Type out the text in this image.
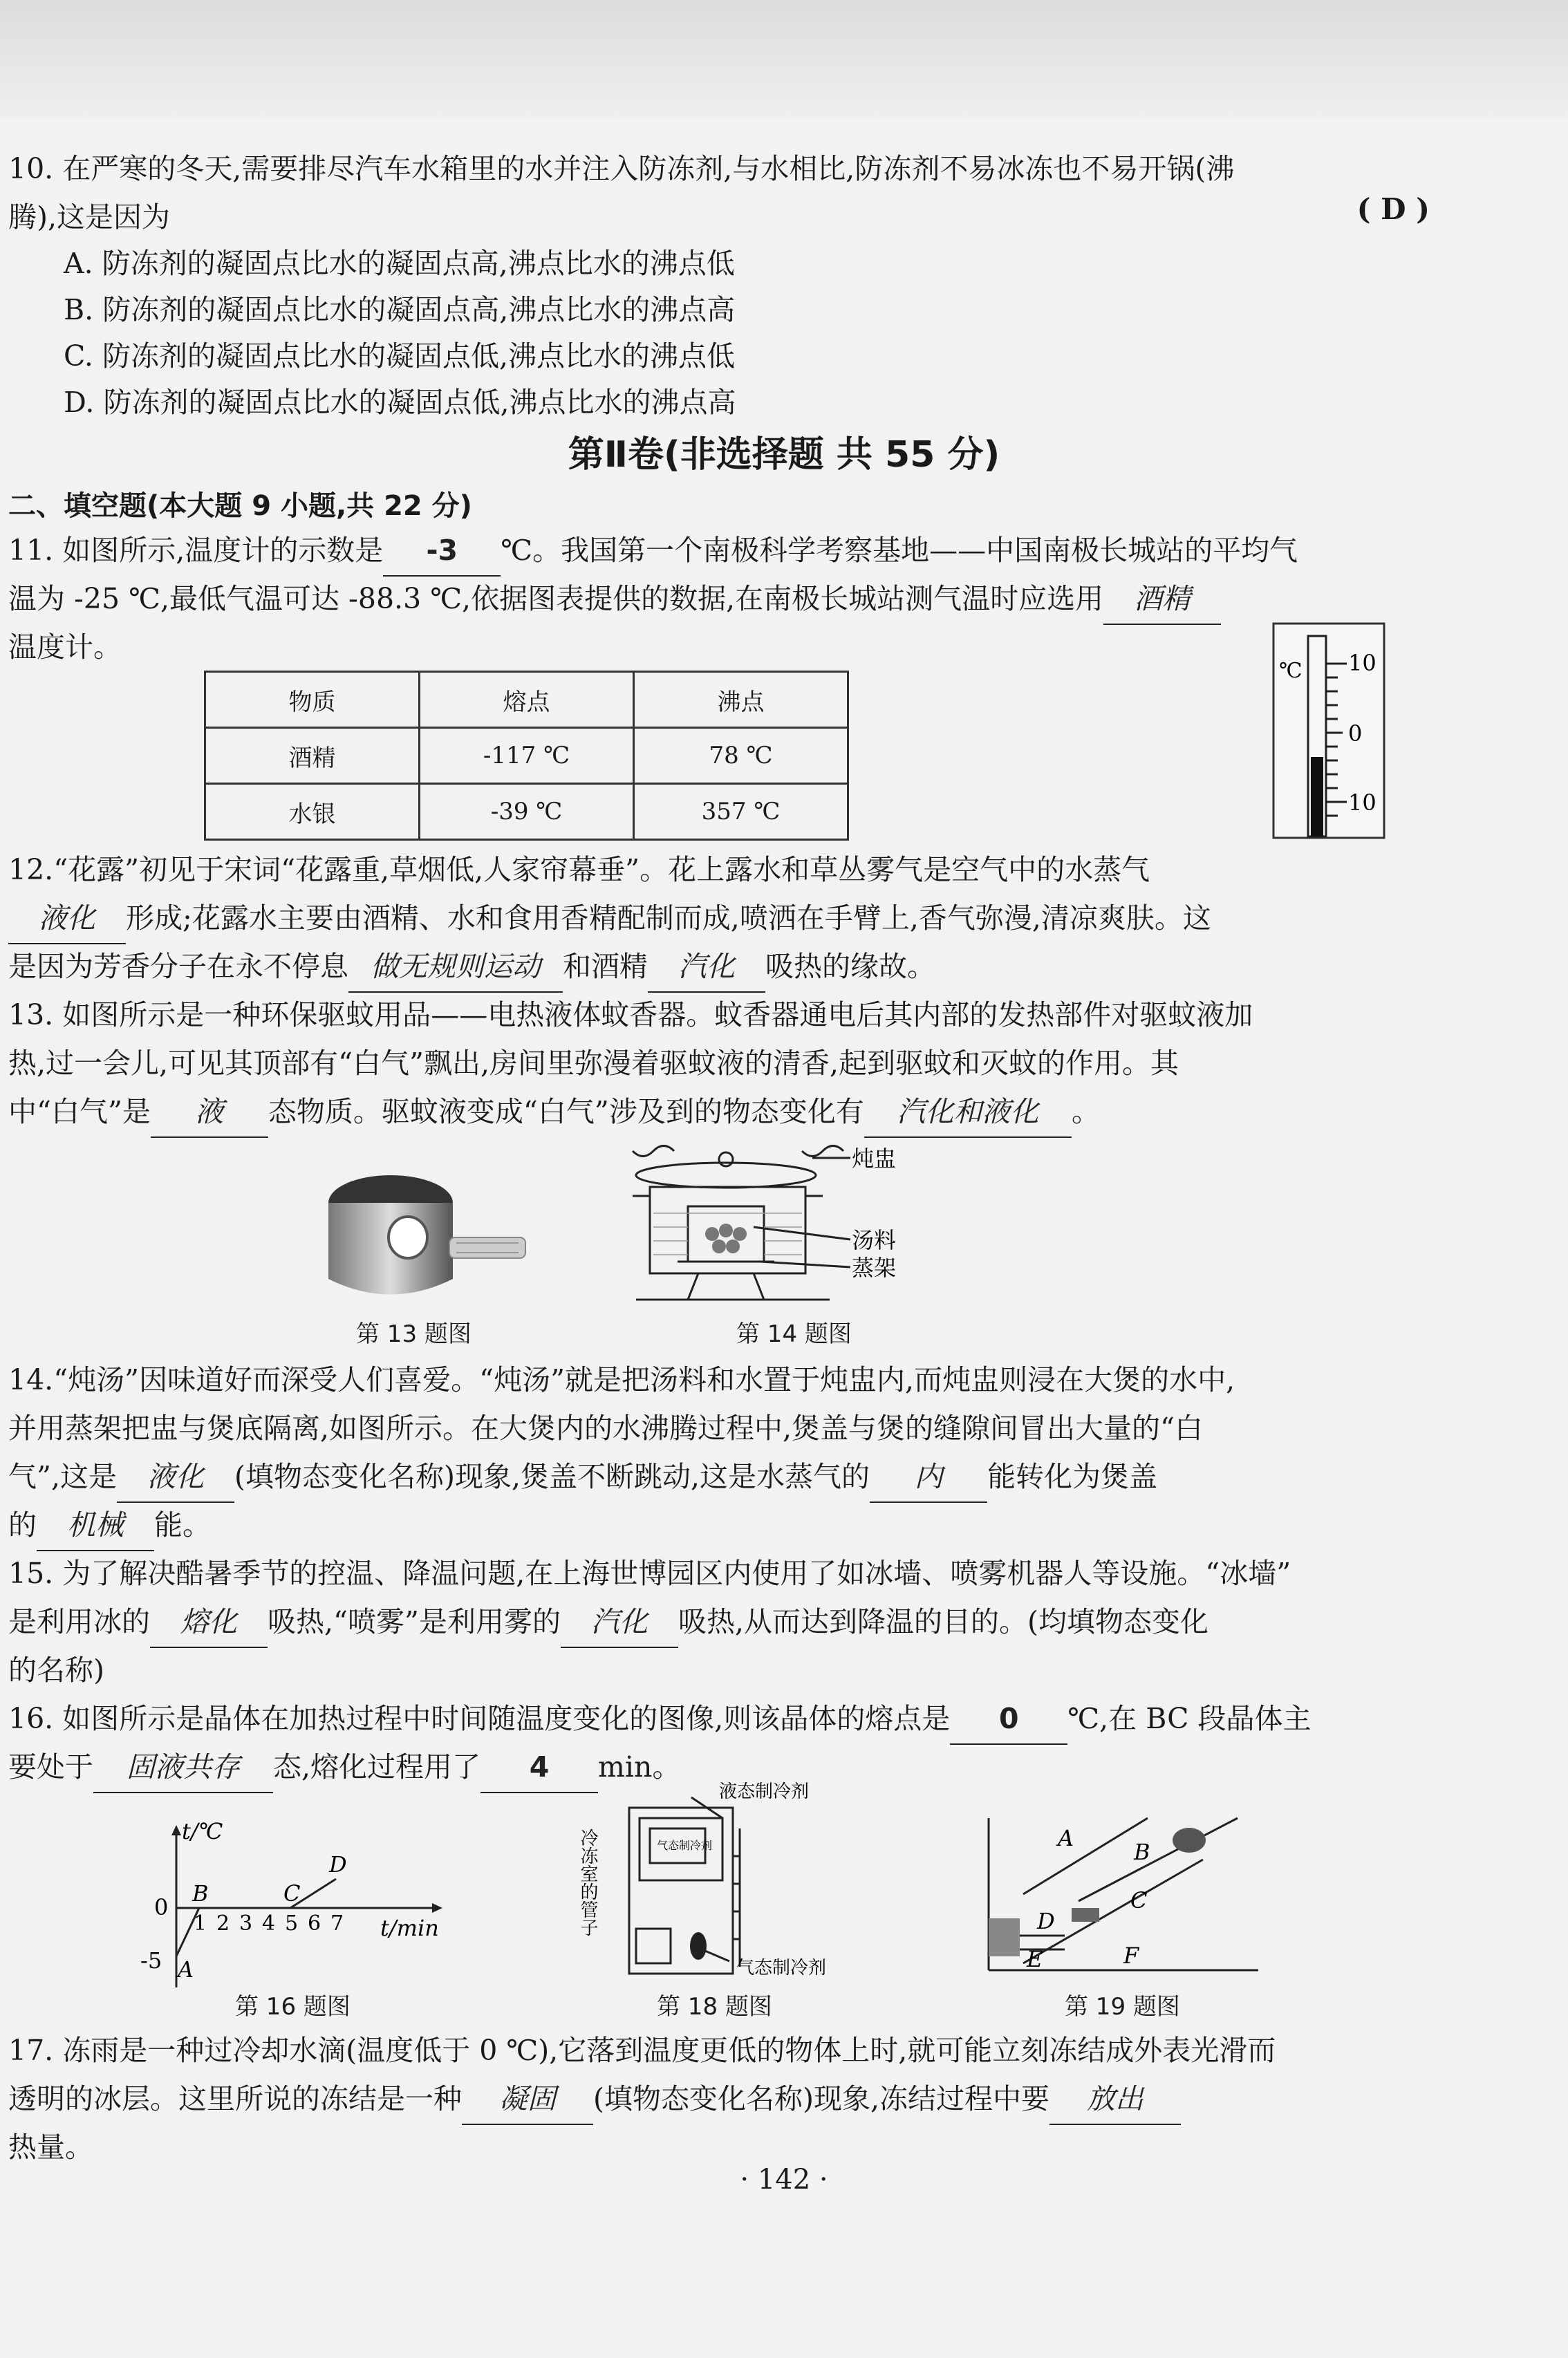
10. 在严寒的冬天,需要排尽汽车水箱里的水并注入防冻剂,与水相比,防冻剂不易冰冻也不易开锅(沸
腾),这是因为	( D )
A. 防冻剂的凝固点比水的凝固点高,沸点比水的沸点低
B. 防冻剂的凝固点比水的凝固点高,沸点比水的沸点高
C. 防冻剂的凝固点比水的凝固点低,沸点比水的沸点低
D. 防冻剂的凝固点比水的凝固点低,沸点比水的沸点高
第Ⅱ卷(非选择题 共 55 分)
二、填空题(本大题 9 小题,共 22 分)
11. 如图所示,温度计的示数是 -3 ℃。我国第一个南极科学考察基地——中国南极长城站的平均气
温为 -25 ℃,最低气温可达 -88.3 ℃,依据图表提供的数据,在南极长城站测气温时应选用 酒精
温度计。
物质	熔点	沸点
酒精	-117 ℃	78 ℃
水银	-39 ℃	357 ℃
℃ 10
0
10
12.“花露”初见于宋词“花露重,草烟低,人家帘幕垂”。花上露水和草丛雾气是空气中的水蒸气
液化 形成;花露水主要由酒精、水和食用香精配制而成,喷洒在手臂上,香气弥漫,清凉爽肤。这
是因为芳香分子在永不停息 做无规则运动 和酒精 汽化 吸热的缘故。
13. 如图所示是一种环保驱蚊用品——电热液体蚊香器。蚊香器通电后其内部的发热部件对驱蚊液加
热,过一会儿,可见其顶部有“白气”飘出,房间里弥漫着驱蚊液的清香,起到驱蚊和灭蚊的作用。其
中“白气”是 液 态物质。驱蚊液变成“白气”涉及到的物态变化有 汽化和液化 。
第 13 题图
炖盅
汤料
蒸架
第 14 题图
14.“炖汤”因味道好而深受人们喜爱。“炖汤”就是把汤料和水置于炖盅内,而炖盅则浸在大煲的水中,
并用蒸架把盅与煲底隔离,如图所示。在大煲内的水沸腾过程中,煲盖与煲的缝隙间冒出大量的“白
气”,这是 液化 (填物态变化名称)现象,煲盖不断跳动,这是水蒸气的 内 能转化为煲盖
的 机械 能。
15. 为了解决酷暑季节的控温、降温问题,在上海世博园区内使用了如冰墙、喷雾机器人等设施。“冰墙”
是利用冰的 熔化 吸热,“喷雾”是利用雾的 汽化 吸热,从而达到降温的目的。(均填物态变化
的名称)
16. 如图所示是晶体在加热过程中时间随温度变化的图像,则该晶体的熔点是 0 ℃,在 BC 段晶体主
要处于 固液共存 态,熔化过程用了 4 min。
t/℃
t/min
0
-5
1 2 3 4 5 6 7
A
B	C
D
第 16 题图
液态制冷剂
冷冻室的管子	气态制冷剂
气态制冷剂
第 18 题图
A
B
C
D
E	F
第 19 题图
17. 冻雨是一种过冷却水滴(温度低于 0 ℃),它落到温度更低的物体上时,就可能立刻冻结成外表光滑而
透明的冰层。这里所说的冻结是一种 凝固 (填物态变化名称)现象,冻结过程中要 放出
热量。
· 142 ·
